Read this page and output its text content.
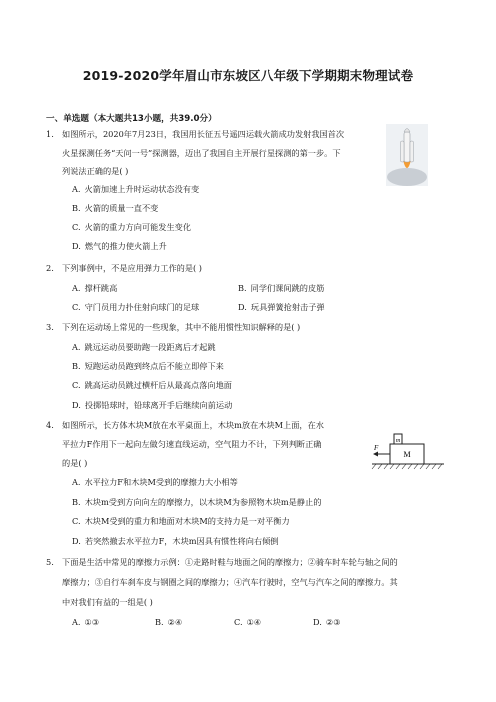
2019-2020学年眉山市东坡区八年级下学期期末物理试卷
一、单选题（本大题共13小题，共39.0分）
1. 如图所示，2020年7月23日，我国用长征五号遥四运载火箭成功发射我国首次
火星探测任务“天问一号”探测器，迈出了我国自主开展行星探测的第一步。下
列说法正确的是( )
A. 火箭加速上升时运动状态没有变
B. 火箭的质量一直不变
C. 火箭的重力方向可能发生变化
D. 燃气的推力使火箭上升
2. 下列事例中，不是应用弹力工作的是( )
A. 撑杆跳高	B. 同学们课间跳的皮筋
C. 守门员用力扑住射向球门的足球	D. 玩具弹簧抢射击子弹
3. 下列在运动场上常见的一些现象，其中不能用惯性知识解释的是( )
A. 跳远运动员要助跑一段距离后才起跳
B. 短跑运动员跑到终点后不能立即停下来
C. 跳高运动员跳过横杆后从最高点落向地面
D. 投掷铅球时，铅球离开手后继续向前运动
4. 如图所示，长方体木块M放在水平桌面上，木块m放在木块M上面，在水
平拉力F作用下一起向左做匀速直线运动，空气阻力不计，下列判断正确
的是( )
A. 水平拉力F和木块M受到的摩擦力大小相等
B. 木块m受到方向向左的摩擦力，以木块M为参照物木块m是静止的
C. 木块M受到的重力和地面对木块M的支持力是一对平衡力
D. 若突然撤去水平拉力F，木块m因具有惯性将向右倾倒
M
m
F
5. 下面是生活中常见的摩擦力示例：①走路时鞋与地面之间的摩擦力；②骑车时车轮与轴之间的
摩擦力；③自行车刹车皮与钢圈之间的摩擦力；④汽车行驶时，空气与汽车之间的摩擦力。其
中对我们有益的一组是( )
A. ①③	B. ②④	C. ①④	D. ②③
